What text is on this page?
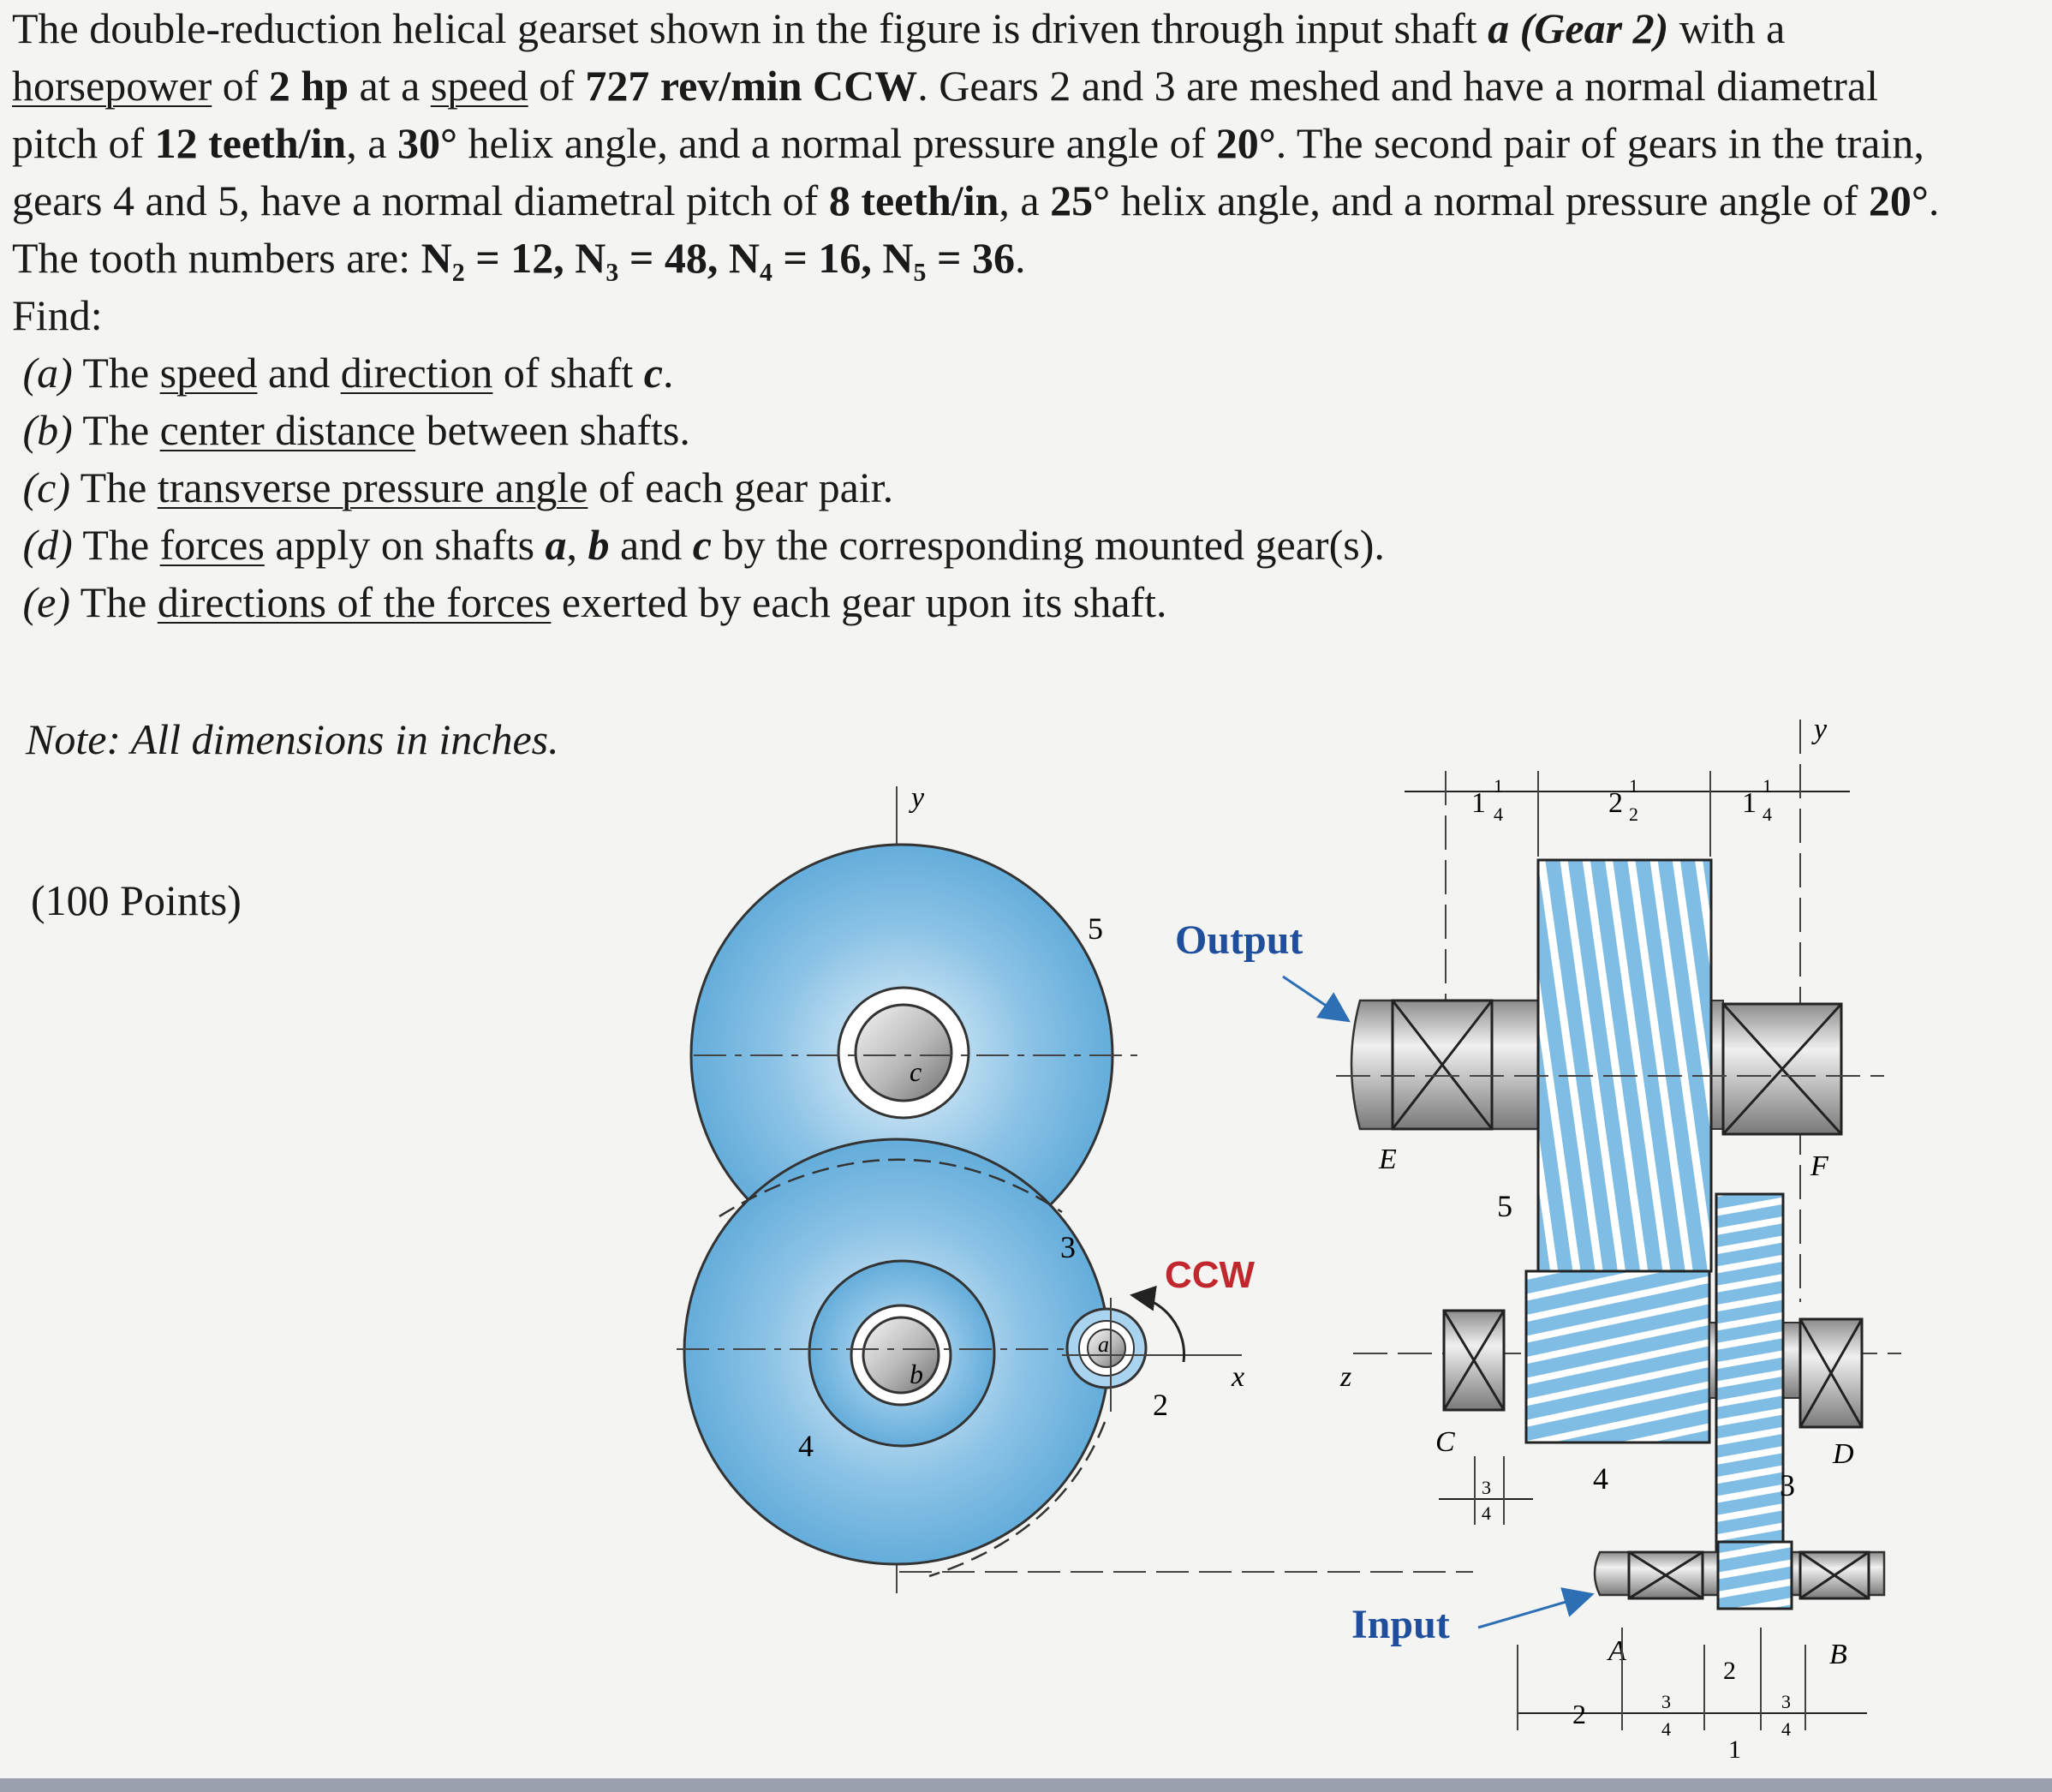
The double-reduction helical gearset shown in the figure is driven through input shaft a (Gear 2) with a horsepower of 2 hp at a speed of 727 rev/min CCW. Gears 2 and 3 are meshed and have a normal diametral pitch of 12 teeth/in, a 30° helix angle, and a normal pressure angle of 20°. The second pair of gears in the train, gears 4 and 5, have a normal diametral pitch of 8 teeth/in, a 25° helix angle, and a normal pressure angle of 20°. The tooth numbers are: N₂ = 12, N₃ = 48, N₄ = 16, N₅ = 36.

Find:

(a) The speed and direction of shaft c.
(b) The center distance between shafts.
(c) The transverse pressure angle of each gear pair.
(d) The forces apply on shafts a, b and c by the corresponding mounted gear(s).
(e) The directions of the forces exerted by each gear upon its shaft.
Note: All dimensions in inches.
(100 Points)
y
c
b
a
x	z
CCW
5
3
2
4
Output
y
1
1
4	2
1
2	1
1
4
E
5
F
C
4	3
D
3
4
A	B
Input
2	3
4
2
1
3
4
